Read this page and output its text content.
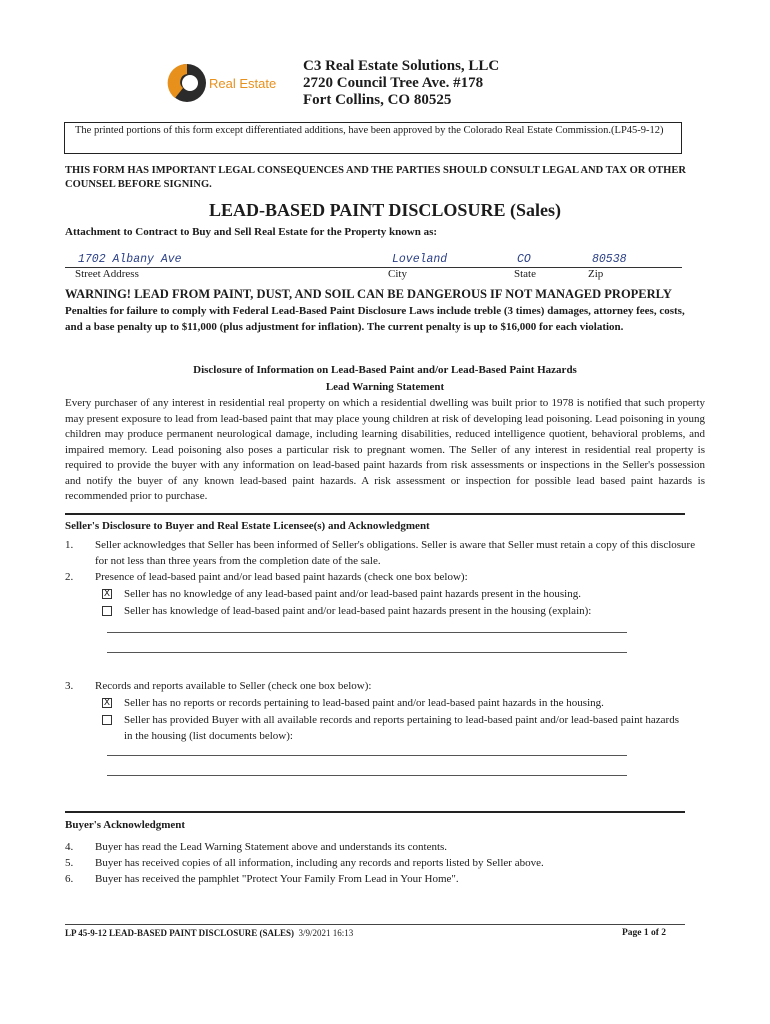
Real Estate
C3 Real Estate Solutions, LLC
2720 Council Tree Ave. #178
Fort Collins, CO 80525
The printed portions of this form except differentiated additions, have been approved by the Colorado Real Estate Commission.(LP45-9-12)
THIS FORM HAS IMPORTANT LEGAL CONSEQUENCES AND THE PARTIES SHOULD CONSULT LEGAL AND TAX OR OTHER COUNSEL BEFORE SIGNING.
LEAD-BASED PAINT DISCLOSURE (Sales)
Attachment to Contract to Buy and Sell Real Estate for the Property known as:
1702 Albany Ave	Loveland	CO	80538
Street Address	City	State	Zip
WARNING! LEAD FROM PAINT, DUST, AND SOIL CAN BE DANGEROUS IF NOT MANAGED PROPERLY
Penalties for failure to comply with Federal Lead-Based Paint Disclosure Laws include treble (3 times) damages, attorney fees, costs, and a base penalty up to $11,000 (plus adjustment for inflation). The current penalty is up to $16,000 for each violation.
Disclosure of Information on Lead-Based Paint and/or Lead-Based Paint Hazards
Lead Warning Statement
Every purchaser of any interest in residential real property on which a residential dwelling was built prior to 1978 is notified that such property may present exposure to lead from lead-based paint that may place young children at risk of developing lead poisoning. Lead poisoning in young children may produce permanent neurological damage, including learning disabilities, reduced intelligence quotient, behavioral problems, and impaired memory. Lead poisoning also poses a particular risk to pregnant women. The Seller of any interest in residential real property is required to provide the buyer with any information on lead-based paint hazards from risk assessments or inspections in the Seller's possession and notify the buyer of any known lead-based paint hazards. A risk assessment or inspection for possible lead based paint hazards is recommended prior to purchase.
Seller's Disclosure to Buyer and Real Estate Licensee(s) and Acknowledgment
1. Seller acknowledges that Seller has been informed of Seller's obligations. Seller is aware that Seller must retain a copy of this disclosure for not less than three years from the completion date of the sale.
2. Presence of lead-based paint and/or lead based paint hazards (check one box below):
X Seller has no knowledge of any lead-based paint and/or lead-based paint hazards present in the housing.
Seller has knowledge of lead-based paint and/or lead-based paint hazards present in the housing (explain):
3. Records and reports available to Seller (check one box below):
X Seller has no reports or records pertaining to lead-based paint and/or lead-based paint hazards in the housing.
Seller has provided Buyer with all available records and reports pertaining to lead-based paint and/or lead-based paint hazards in the housing (list documents below):
Buyer's Acknowledgment
4. Buyer has read the Lead Warning Statement above and understands its contents.
5. Buyer has received copies of all information, including any records and reports listed by Seller above.
6. Buyer has received the pamphlet "Protect Your Family From Lead in Your Home".
LP 45-9-12 LEAD-BASED PAINT DISCLOSURE (SALES) 3/9/2021 16:13	Page 1 of 2
